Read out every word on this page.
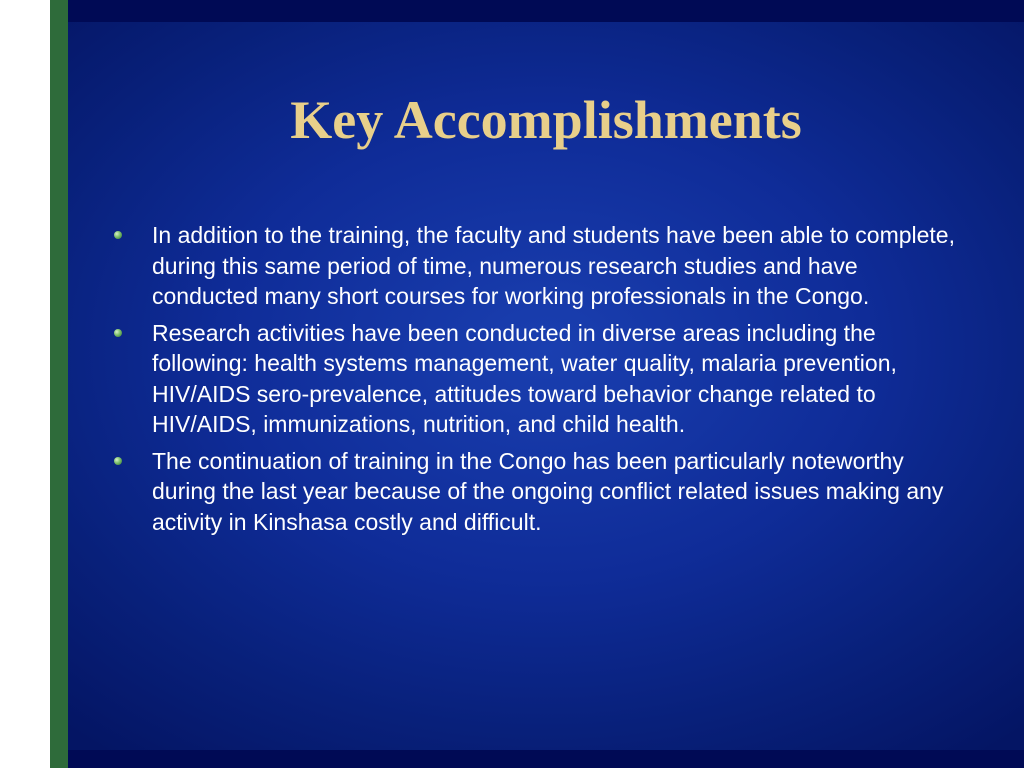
Key Accomplishments

In addition to the training, the faculty and students have been able to complete, during this same period of time, numerous research studies and have conducted many short courses for working professionals in the Congo.

Research activities have been conducted in diverse areas including the following: health systems management, water quality, malaria prevention, HIV/AIDS sero-prevalence, attitudes toward behavior change related to HIV/AIDS, immunizations, nutrition, and child health.

The continuation of training in the Congo has been particularly noteworthy during the last year because of the ongoing conflict related issues making any activity in Kinshasa costly and difficult.
